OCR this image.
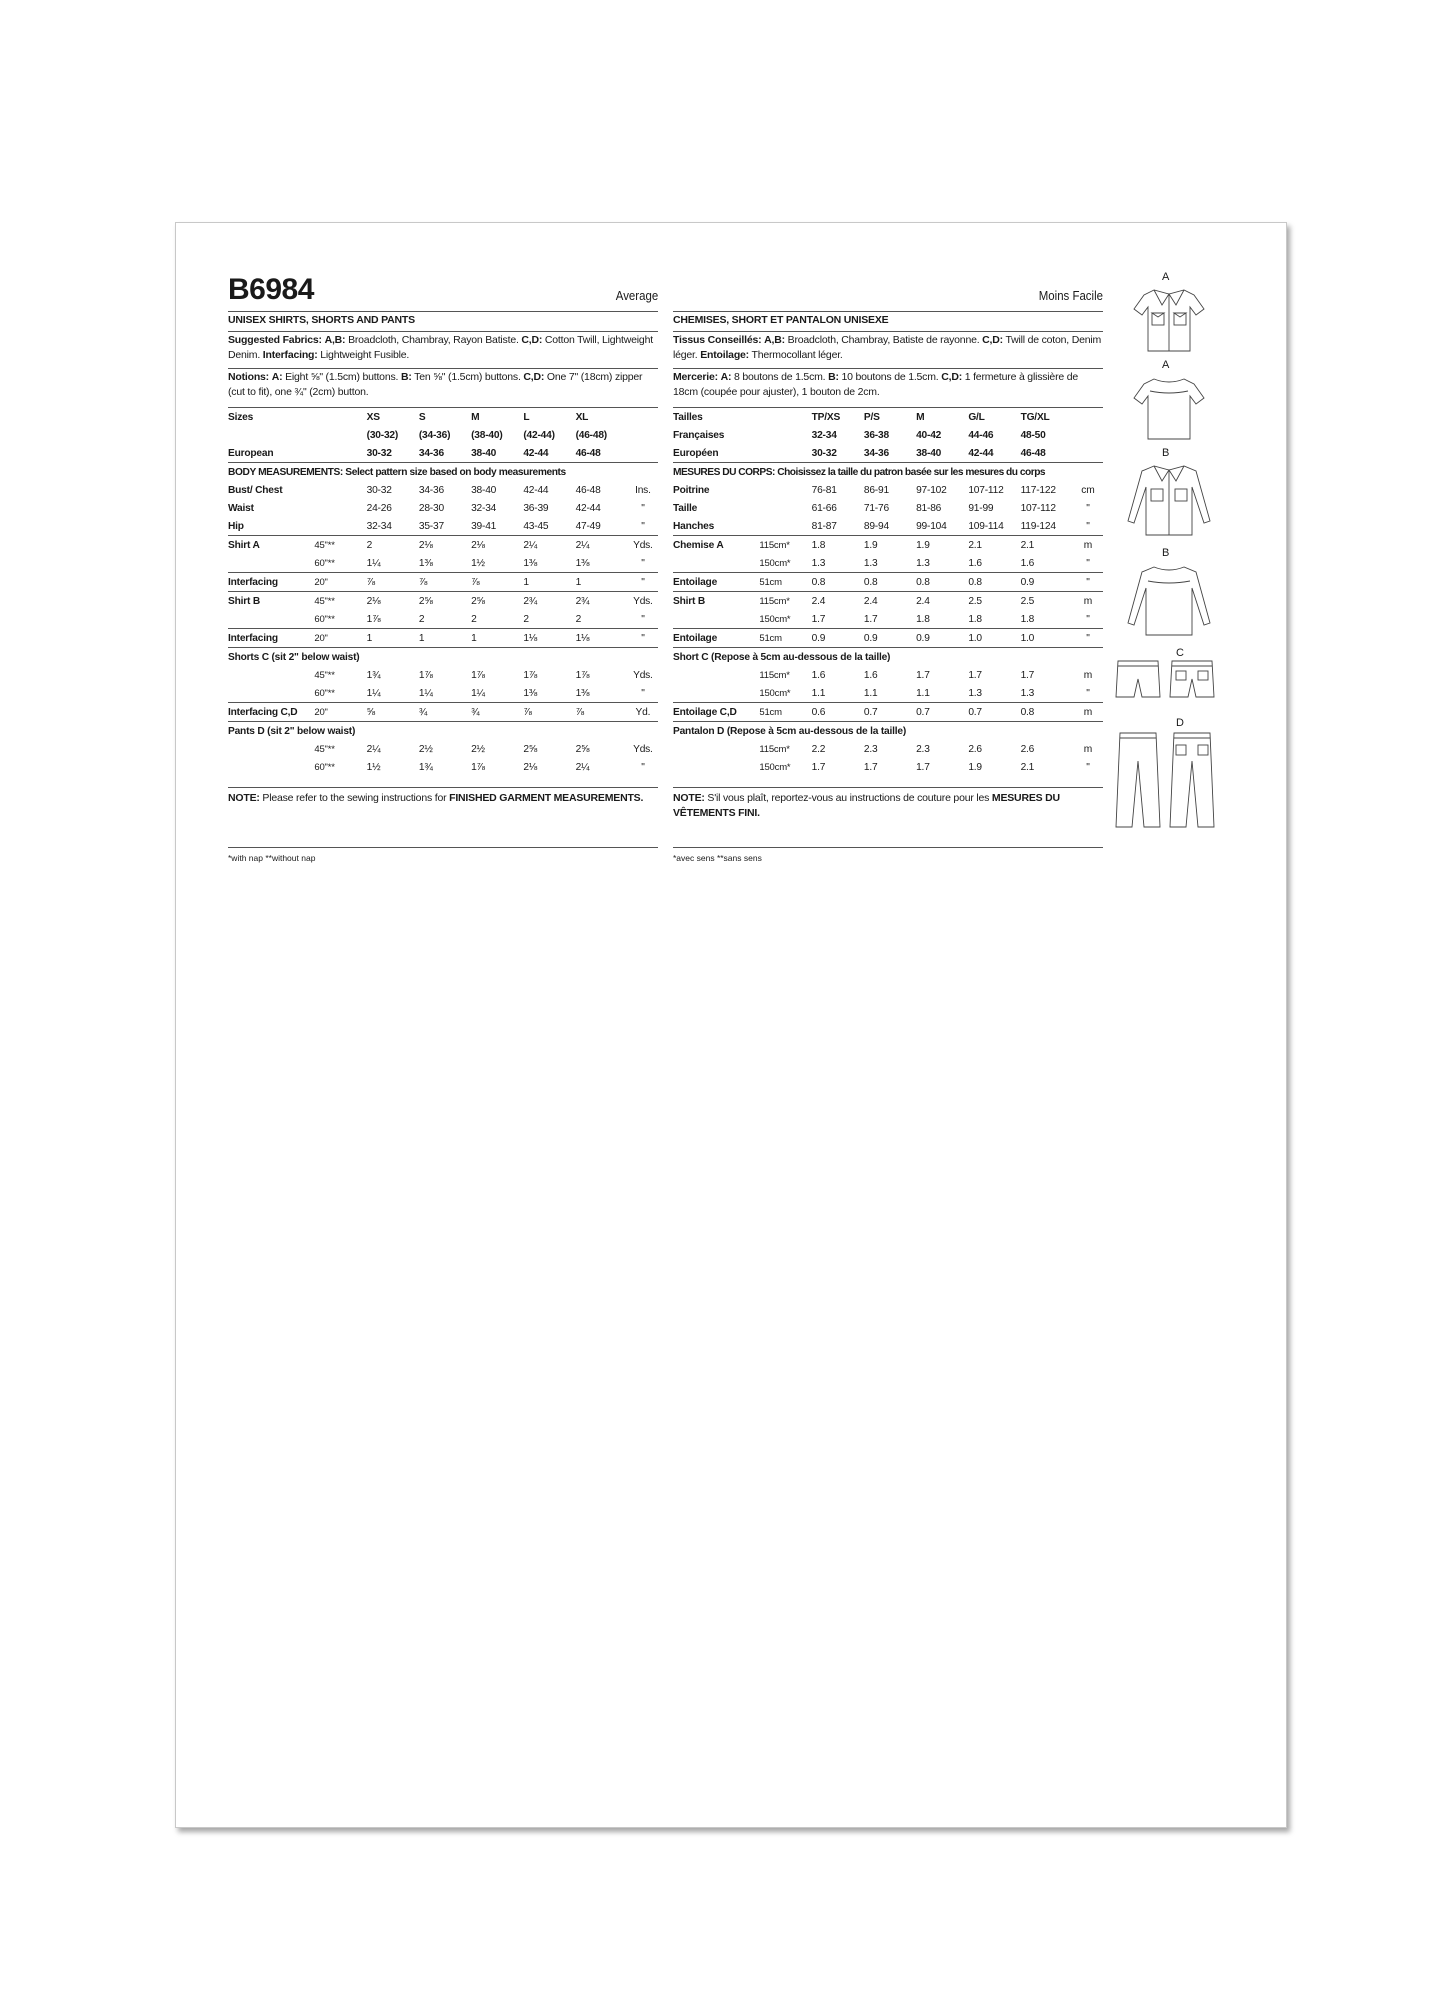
B6984	Average
UNISEX SHIRTS, SHORTS AND PANTS
Suggested Fabrics: A,B: Broadcloth, Chambray, Rayon Batiste. C,D: Cotton Twill, Lightweight Denim. Interfacing: Lightweight Fusible.
Notions: A: Eight ⅝" (1.5cm) buttons. B: Ten ⅝" (1.5cm) buttons. C,D: One 7" (18cm) zipper (cut to fit), one ¾" (2cm) button.
Sizes		XS	S	M	L	XL	
		(30-32)	(34-36)	(38-40)	(42-44)	(46-48)	
European		30-32	34-36	38-40	42-44	46-48	
BODY MEASUREMENTS: Select pattern size based on body measurements							
Bust/ Chest		30-32	34-36	38-40	42-44	46-48	Ins.
Waist		24-26	28-30	32-34	36-39	42-44	"
Hip		32-34	35-37	39-41	43-45	47-49	"
Shirt A	45"**	2	2⅛	2⅛	2¼	2¼	Yds.
	60"**	1¼	1⅜	1½	1⅜	1⅜	"
Interfacing	20"	⅞	⅞	⅞	1	1	"
Shirt B	45"**	2⅛	2⅝	2⅝	2¾	2¾	Yds.
	60"**	1⅞	2	2	2	2	"
Interfacing	20"	1	1	1	1⅛	1⅛	"
Shorts C (sit 2" below waist)							
	45"**	1¾	1⅞	1⅞	1⅞	1⅞	Yds.
	60"**	1¼	1¼	1¼	1⅜	1⅜	"
Interfacing C,D	20"	⅝	¾	¾	⅞	⅞	Yd.
Pants D (sit 2" below waist)							
	45"**	2¼	2½	2½	2⅝	2⅝	Yds.
	60"**	1½	1¾	1⅞	2⅛	2¼	"
NOTE: Please refer to the sewing instructions for FINISHED GARMENT MEASUREMENTS.
*with nap **without nap
Moins Facile
CHEMISES, SHORT ET PANTALON UNISEXE
Tissus Conseillés: A,B: Broadcloth, Chambray, Batiste de rayonne. C,D: Twill de coton, Denim léger. Entoilage: Thermocollant léger.
Mercerie: A: 8 boutons de 1.5cm. B: 10 boutons de 1.5cm. C,D: 1 fermeture à glissière de 18cm (coupée pour ajuster), 1 bouton de 2cm.
Tailles		TP/XS	P/S	M	G/L	TG/XL	
Françaises		32-34	36-38	40-42	44-46	48-50	
Européen		30-32	34-36	38-40	42-44	46-48	
MESURES DU CORPS: Choisissez la taille du patron basée sur les mesures du corps							
Poitrine		76-81	86-91	97-102	107-112	117-122	cm
Taille		61-66	71-76	81-86	91-99	107-112	"
Hanches		81-87	89-94	99-104	109-114	119-124	"
Chemise A	115cm*	1.8	1.9	1.9	2.1	2.1	m
	150cm*	1.3	1.3	1.3	1.6	1.6	"
Entoilage	51cm	0.8	0.8	0.8	0.8	0.9	"
Shirt B	115cm*	2.4	2.4	2.4	2.5	2.5	m
	150cm*	1.7	1.7	1.8	1.8	1.8	"
Entoilage	51cm	0.9	0.9	0.9	1.0	1.0	"
Short C (Repose à 5cm au-dessous de la taille)							
	115cm*	1.6	1.6	1.7	1.7	1.7	m
	150cm*	1.1	1.1	1.1	1.3	1.3	"
Entoilage C,D	51cm	0.6	0.7	0.7	0.7	0.8	m
Pantalon D (Repose à 5cm au-dessous de la taille)							
	115cm*	2.2	2.3	2.3	2.6	2.6	m
	150cm*	1.7	1.7	1.7	1.9	2.1	"
NOTE: S'il vous plaît, reportez-vous au instructions de couture pour les MESURES DU VÊTEMENTS FINI.
*avec sens **sans sens
A
A
B
B
C
D
